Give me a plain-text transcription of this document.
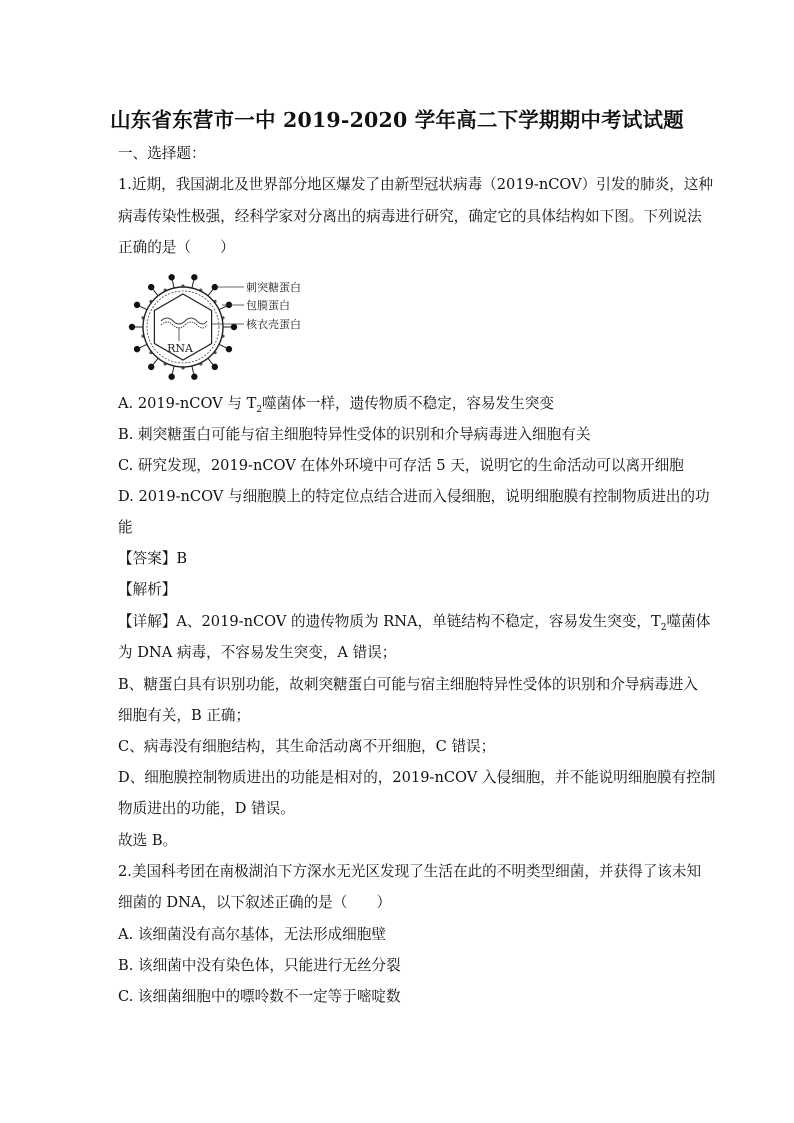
山东省东营市一中 2019-2020 学年高二下学期期中考试试题
一、选择题：
1.近期，我国湖北及世界部分地区爆发了由新型冠状病毒（2019-nCOV）引发的肺炎，这种
病毒传染性极强，经科学家对分离出的病毒进行研究，确定它的具体结构如下图。下列说法
正确的是（　　）
RNA
刺突糖蛋白
包膜蛋白
核衣壳蛋白
A. 2019-nCOV 与 $T_2$噬菌体一样，遗传物质不稳定，容易发生突变
B. 刺突糖蛋白可能与宿主细胞特异性受体的识别和介导病毒进入细胞有关
C. 研究发现，2019-nCOV 在体外环境中可存活 5 天，说明它的生命活动可以离开细胞
D. 2019-nCOV 与细胞膜上的特定位点结合进而入侵细胞，说明细胞膜有控制物质进出的功
能
【答案】B
【解析】
【详解】A、2019-nCOV 的遗传物质为 RNA，单链结构不稳定，容易发生突变，$T_2$噬菌体
为 DNA 病毒，不容易发生突变，A 错误；
B、糖蛋白具有识别功能，故刺突糖蛋白可能与宿主细胞特异性受体的识别和介导病毒进入
细胞有关，B 正确；
C、病毒没有细胞结构，其生命活动离不开细胞，C 错误；
D、细胞膜控制物质进出的功能是相对的，2019-nCOV 入侵细胞，并不能说明细胞膜有控制
物质进出的功能，D 错误。
故选 B。
2.美国科考团在南极湖泊下方深水无光区发现了生活在此的不明类型细菌，并获得了该未知
细菌的 DNA，以下叙述正确的是（　　）
A. 该细菌没有高尔基体，无法形成细胞壁
B. 该细菌中没有染色体，只能进行无丝分裂
C. 该细菌细胞中的嘌呤数不一定等于嘧啶数
